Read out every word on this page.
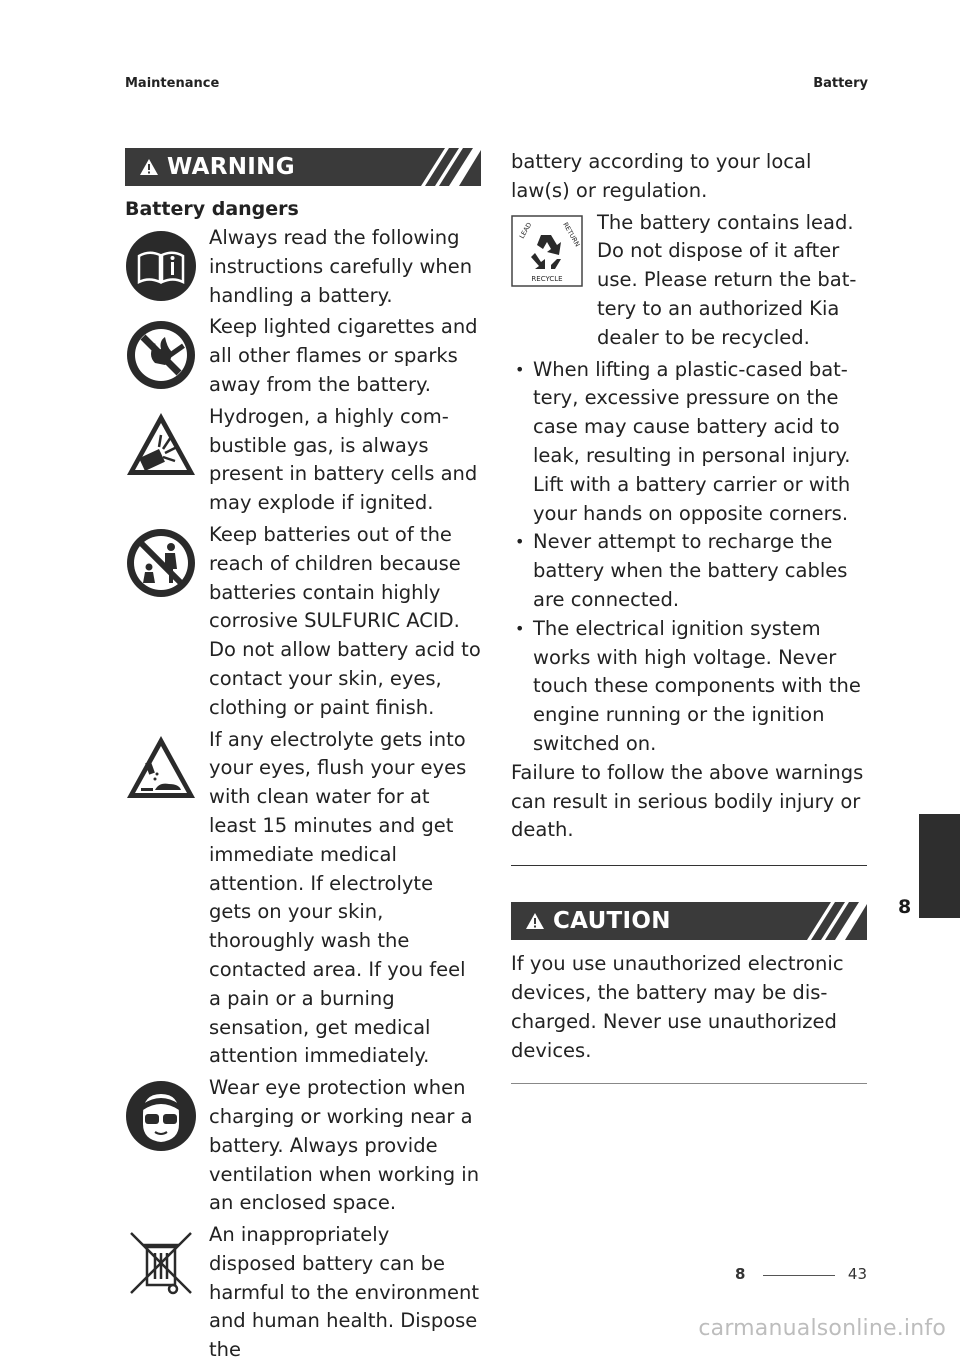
Maintenance	Battery
WARNING
Battery dangers

Always read the following instructions carefully when handling a battery.

Keep lighted cigarettes and all other flames or sparks away from the battery.

Hydrogen, a highly com-bustible gas, is always present in battery cells and may explode if ignited.

Keep batteries out of the reach of children because batteries contain highly corrosive SULFURIC ACID. Do not allow battery acid to contact your skin, eyes, clothing or paint finish.

If any electrolyte gets into your eyes, flush your eyes with clean water for at least 15 minutes and get immediate medical attention. If electrolyte gets on your skin, thoroughly wash the contacted area. If you feel a pain or a burning sensation, get medical attention immediately.

Wear eye protection when charging or working near a battery. Always provide ventilation when working in an enclosed space.

An inappropriately disposed battery can be harmful to the environment and human health. Dispose the

battery according to your local law(s) or regulation.

LEAD	RETURN
RECYCLE

The battery contains lead. Do not dispose of it after use. Please return the bat-tery to an authorized Kia dealer to be recycled.

• When lifting a plastic-cased bat-tery, excessive pressure on the case may cause battery acid to leak, resulting in personal injury. Lift with a battery carrier or with your hands on opposite corners.
• Never attempt to recharge the battery when the battery cables are connected.
• The electrical ignition system works with high voltage. Never touch these components with the engine running or the ignition switched on.

Failure to follow the above warnings can result in serious bodily injury or death.

CAUTION

If you use unauthorized electronic devices, the battery may be dis-charged. Never use unauthorized devices.

8
8	43
carmanualsonline.info
